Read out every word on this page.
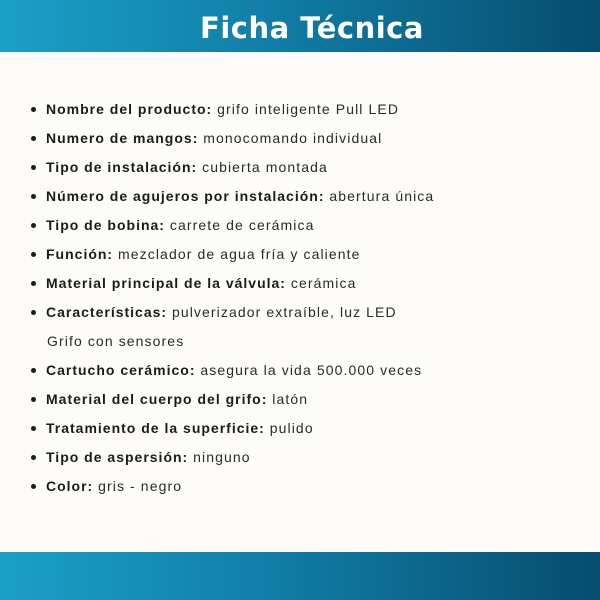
Ficha Técnica
Nombre del producto: grifo inteligente Pull LED
Numero de mangos: monocomando individual
Tipo de instalación: cubierta montada
Número de agujeros por instalación: abertura única
Tipo de bobina: carrete de cerámica
Función: mezclador de agua fría y caliente
Material principal de la válvula: cerámica
Características: pulverizador extraíble, luz LED
Grifo con sensores
Cartucho cerámico: asegura la vida 500.000 veces
Material del cuerpo del grifo: latón
Tratamiento de la superficie: pulido
Tipo de aspersión: ninguno
Color: gris - negro
